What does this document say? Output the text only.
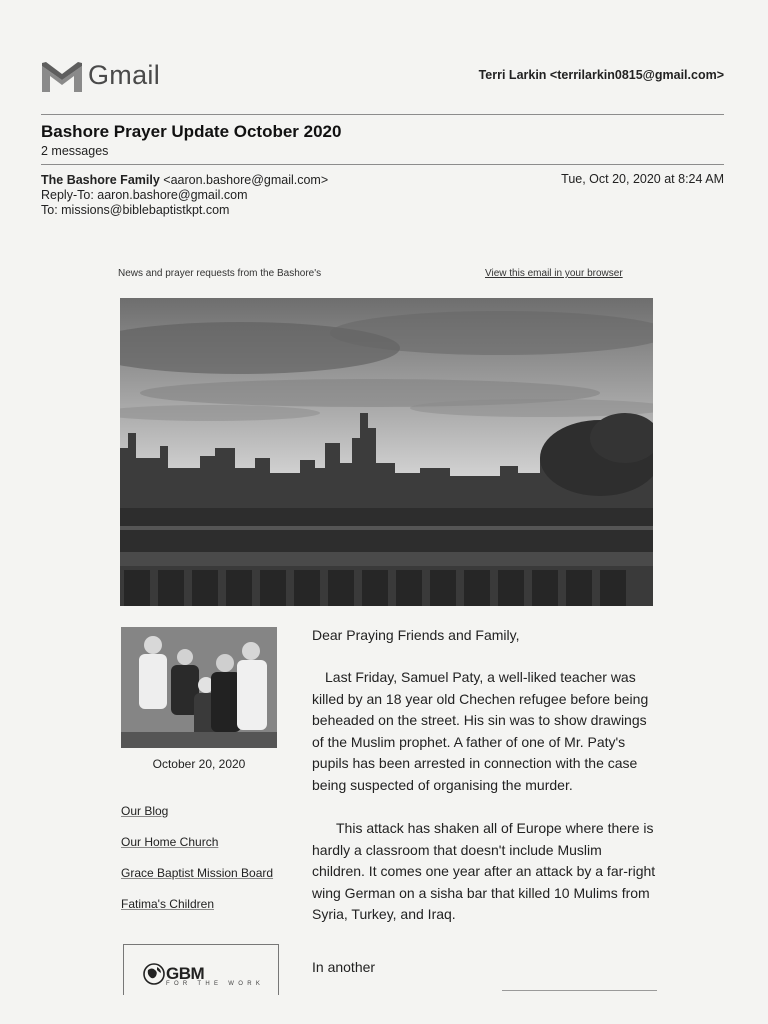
Gmail	Terri Larkin <terrilarkin0815@gmail.com>
Bashore Prayer Update October 2020
2 messages
The Bashore Family <aaron.bashore@gmail.com>
Reply-To: aaron.bashore@gmail.com
To: missions@biblebaptistkpt.com
Tue, Oct 20, 2020 at 8:24 AM
News and prayer requests from the Bashore's	View this email in your browser
October 20, 2020
Our Blog
Our Home Church
Grace Baptist Mission Board
Fatima's Children
GBM
FOR THE WORK
Dear Praying Friends and Family,
Last Friday, Samuel Paty, a well-liked teacher was killed by an 18 year old Chechen refugee before being beheaded on the street. His sin was to show drawings of the Muslim prophet. A father of one of Mr. Paty's pupils has been arrested in connection with the case being suspected of organising the murder.
This attack has shaken all of Europe where there is hardly a classroom that doesn't include Muslim children. It comes one year after an attack by a far-right wing German on a sisha bar that killed 10 Mulims from Syria, Turkey, and Iraq.
In another
